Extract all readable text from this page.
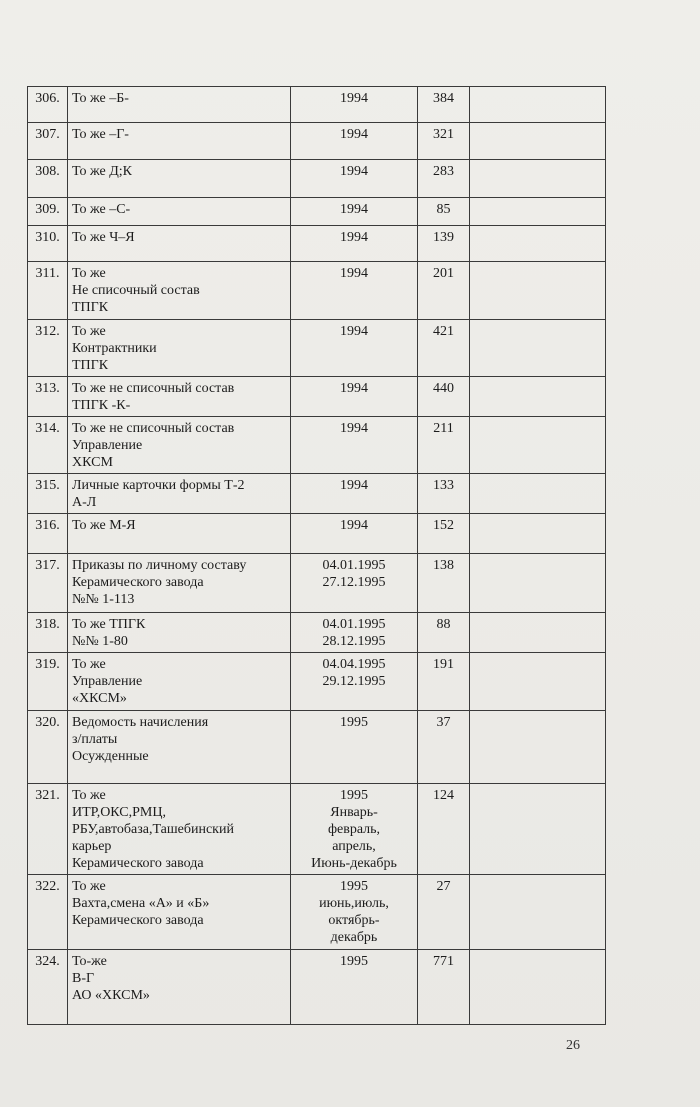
306.	То же –Б-	1994	384	
307.	То же –Г-	1994	321	
308.	То же Д;К	1994	283	
309.	То же –С-	1994	85	
310.	То же Ч–Я	1994	139	
311.	То же
Не списочный состав
ТПГК	1994	201	
312.	То же
Контрактники
ТПГК	1994	421	
313.	То же не списочный состав
ТПГК -К-	1994	440	
314.	То же не списочный состав
Управление
ХКСМ	1994	211	
315.	Личные карточки формы Т-2
А-Л	1994	133	
316.	То же М-Я	1994	152	
317.	Приказы по личному составу
Керамического завода
№№ 1-113	04.01.1995
27.12.1995	138	
318.	То же ТПГК
№№ 1-80	04.01.1995
28.12.1995	88	
319.	То же
Управление
«ХКСМ»	04.04.1995
29.12.1995	191	
320.	Ведомость начисления
з/платы
Осужденные	1995	37	
321.	То же
ИТР,ОКС,РМЦ,
РБУ,автобаза,Ташебинский
карьер
Керамического завода	1995
Январь-
февраль,
апрель,
Июнь-декабрь	124	
322.	То же
Вахта,смена «А» и «Б»
Керамического завода	1995
июнь,июль,
октябрь-
декабрь	27	
324.	То-же
В-Г
АО «ХКСМ»	1995	771	
26
